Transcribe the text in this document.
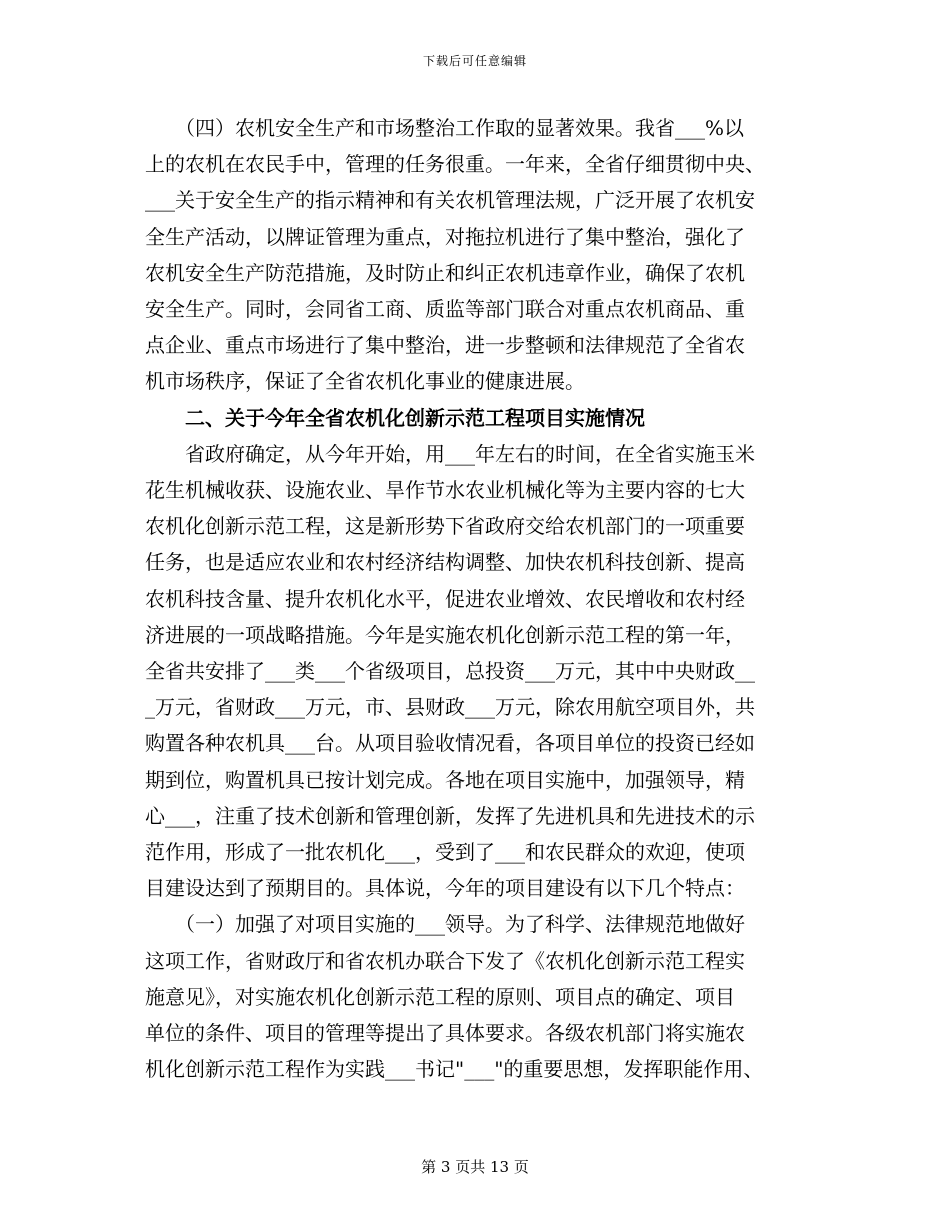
下载后可任意编辑

　　（四）农机安全生产和市场整治工作取的显著效果。我省___%以
上的农机在农民手中，管理的任务很重。一年来，全省仔细贯彻中央、
___关于安全生产的指示精神和有关农机管理法规，广泛开展了农机安
全生产活动，以牌证管理为重点，对拖拉机进行了集中整治，强化了
农机安全生产防范措施，及时防止和纠正农机违章作业，确保了农机
安全生产。同时，会同省工商、质监等部门联合对重点农机商品、重
点企业、重点市场进行了集中整治，进一步整顿和法律规范了全省农
机市场秩序，保证了全省农机化事业的健康进展。

二、关于今年全省农机化创新示范工程项目实施情况

　　省政府确定，从今年开始，用___年左右的时间，在全省实施玉米
花生机械收获、设施农业、旱作节水农业机械化等为主要内容的七大
农机化创新示范工程，这是新形势下省政府交给农机部门的一项重要
任务，也是适应农业和农村经济结构调整、加快农机科技创新、提高
农机科技含量、提升农机化水平，促进农业增效、农民增收和农村经
济进展的一项战略措施。今年是实施农机化创新示范工程的第一年，
全省共安排了___类___个省级项目，总投资___万元，其中中央财政__
_万元，省财政___万元，市、县财政___万元，除农用航空项目外，共
购置各种农机具___台。从项目验收情况看，各项目单位的投资已经如
期到位，购置机具已按计划完成。各地在项目实施中，加强领导，精
心___，注重了技术创新和管理创新，发挥了先进机具和先进技术的示
范作用，形成了一批农机化___，受到了___和农民群众的欢迎，使项
目建设达到了预期目的。具体说，今年的项目建设有以下几个特点：

　　（一）加强了对项目实施的___领导。为了科学、法律规范地做好
这项工作，省财政厅和省农机办联合下发了《农机化创新示范工程实
施意见》，对实施农机化创新示范工程的原则、项目点的确定、项目
单位的条件、项目的管理等提出了具体要求。各级农机部门将实施农
机化创新示范工程作为实践___书记"___"的重要思想，发挥职能作用、

第 3 页共 13 页
